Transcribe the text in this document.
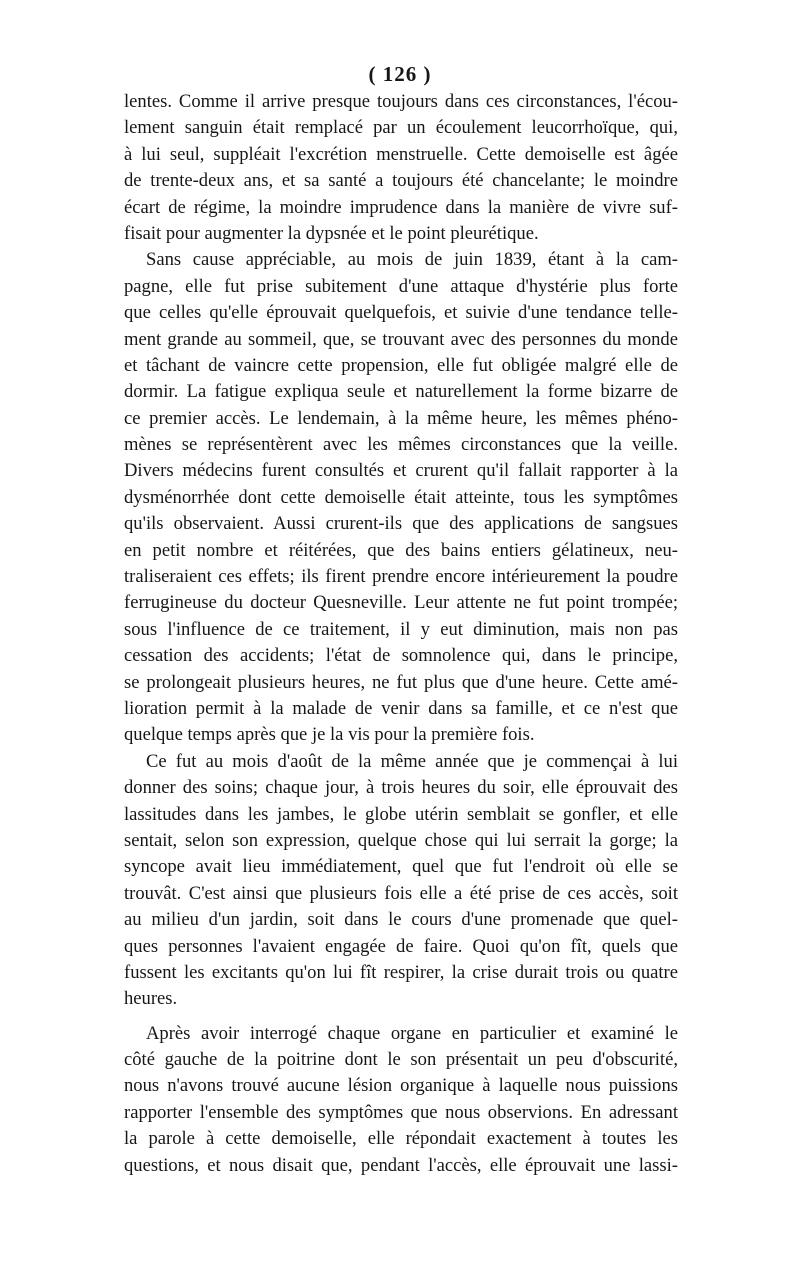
( 126 )
lentes. Comme il arrive presque toujours dans ces circonstances, l'écou-
lement sanguin était remplacé par un écoulement leucorrhoïque, qui,
à lui seul, suppléait l'excrétion menstruelle. Cette demoiselle est âgée
de trente-deux ans, et sa santé a toujours été chancelante; le moindre
écart de régime, la moindre imprudence dans la manière de vivre suf-
fisait pour augmenter la dypsnée et le point pleurétique.
Sans cause appréciable, au mois de juin 1839, étant à la cam-
pagne, elle fut prise subitement d'une attaque d'hystérie plus forte
que celles qu'elle éprouvait quelquefois, et suivie d'une tendance telle-
ment grande au sommeil, que, se trouvant avec des personnes du monde
et tâchant de vaincre cette propension, elle fut obligée malgré elle de
dormir. La fatigue expliqua seule et naturellement la forme bizarre de
ce premier accès. Le lendemain, à la même heure, les mêmes phéno-
mènes se représentèrent avec les mêmes circonstances que la veille.
Divers médecins furent consultés et crurent qu'il fallait rapporter à la
dysménorrhée dont cette demoiselle était atteinte, tous les symptômes
qu'ils observaient. Aussi crurent-ils que des applications de sangsues
en petit nombre et réitérées, que des bains entiers gélatineux, neu-
traliseraient ces effets; ils firent prendre encore intérieurement la poudre
ferrugineuse du docteur Quesneville. Leur attente ne fut point trompée;
sous l'influence de ce traitement, il y eut diminution, mais non pas
cessation des accidents; l'état de somnolence qui, dans le principe,
se prolongeait plusieurs heures, ne fut plus que d'une heure. Cette amé-
lioration permit à la malade de venir dans sa famille, et ce n'est que
quelque temps après que je la vis pour la première fois.
Ce fut au mois d'août de la même année que je commençai à lui
donner des soins; chaque jour, à trois heures du soir, elle éprouvait des
lassitudes dans les jambes, le globe utérin semblait se gonfler, et elle
sentait, selon son expression, quelque chose qui lui serrait la gorge; la
syncope avait lieu immédiatement, quel que fut l'endroit où elle se
trouvât. C'est ainsi que plusieurs fois elle a été prise de ces accès, soit
au milieu d'un jardin, soit dans le cours d'une promenade que quel-
ques personnes l'avaient engagée de faire. Quoi qu'on fît, quels que
fussent les excitants qu'on lui fît respirer, la crise durait trois ou quatre
heures.
Après avoir interrogé chaque organe en particulier et examiné le
côté gauche de la poitrine dont le son présentait un peu d'obscurité,
nous n'avons trouvé aucune lésion organique à laquelle nous puissions
rapporter l'ensemble des symptômes que nous observions. En adressant
la parole à cette demoiselle, elle répondait exactement à toutes les
questions, et nous disait que, pendant l'accès, elle éprouvait une lassi-
